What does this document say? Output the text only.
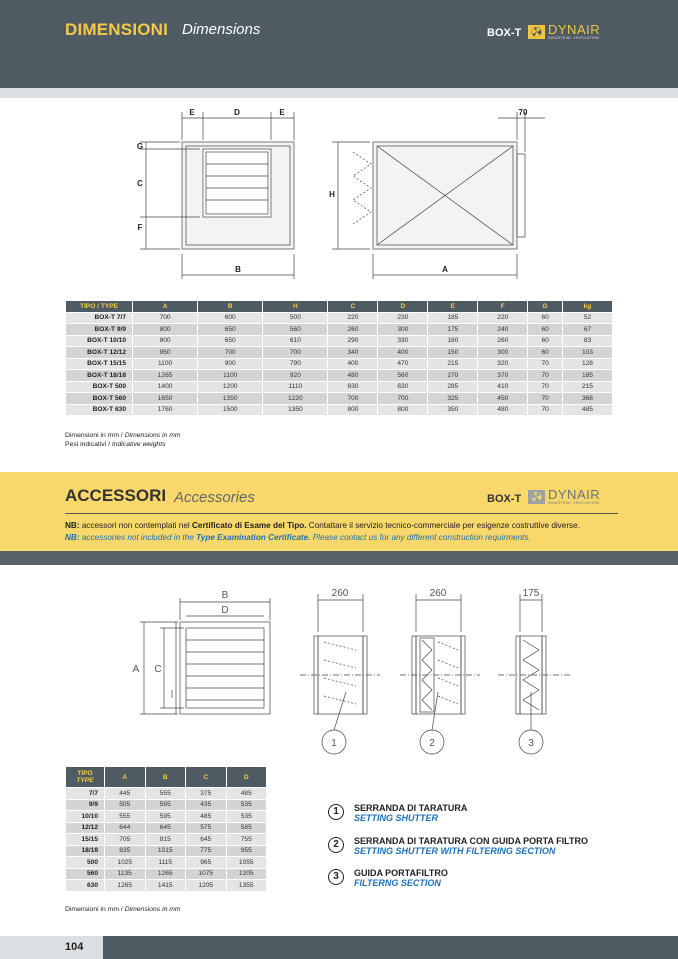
DIMENSIONI Dimensions	BOX-T DYNAIR
INDUSTRIAL VENTILATION
E	D	E
G
C
F
B
H
A
70
TIPO / TYPE	A	B	H	C	D	E	F	G	kg
BOX-T 7/7	700	600	500	220	230	185	220	60	52
BOX-T 9/9	800	650	560	260	300	175	240	60	67
BOX-T 10/10	800	650	610	290	330	160	260	60	83
BOX-T 12/12	950	700	700	340	400	150	300	60	103
BOX-T 15/15	1100	900	790	400	470	215	320	70	128
BOX-T 18/18	1265	1100	920	480	560	270	370	70	185
BOX-T 500	1400	1200	1110	630	630	285	410	70	215
BOX-T 560	1650	1350	1220	700	700	325	450	70	368
BOX-T 630	1760	1500	1350	800	800	350	480	70	485
Dimensioni in mm / Dimensions in mm
Pesi indicativi / Indicative weights
ACCESSORI Accessories	BOX-T DYNAIR
INDUSTRIAL VENTILATION
NB: accessori non contemplati nel Certificato di Esame del Tipo. Contattare il servizio tecnico-commerciale per esigenze costruttive diverse.
NB: accessories not included in the Type Examination Certificate. Please contact us for any different construction requirments.
B
D
A C
260	260	175
1	2	3
TIPO
TYPE	A	B	C	D
7/7	445	555	375	485
9/9	505	595	435	535
10/10	555	595	485	535
12/12	644	645	575	585
15/15	705	815	645	755
18/18	835	1015	775	955
500	1025	1115	965	1055
560	1135	1265	1075	1205
630	1265	1415	1205	1355
Dimensioni in mm / Dimensions in mm
1	SERRANDA DI TARATURA
SETTING SHUTTER
2	SERRANDA DI TARATURA CON GUIDA PORTA FILTRO
SETTING SHUTTER WITH FILTERING SECTION
3	GUIDA PORTAFILTRO
FILTERNG SECTION
104
